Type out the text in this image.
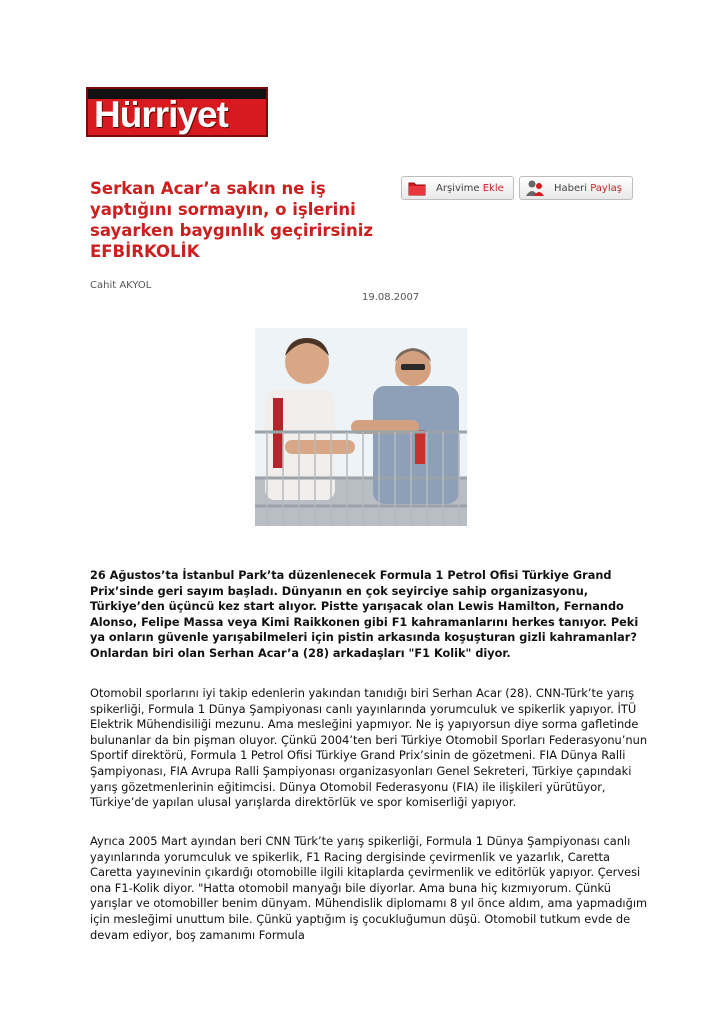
Hürriyet
Serkan Acar’a sakın ne iş yaptığını sormayın, o işlerini sayarken baygınlık geçirirsiniz EFBİRKOLİK
Arşivime Ekle	Haberi Paylaş
Cahit AKYOL
19.08.2007

26 Ağustos’ta İstanbul Park’ta düzenlenecek Formula 1 Petrol Ofisi Türkiye Grand Prix’sinde geri sayım başladı. Dünyanın en çok seyirciye sahip organizasyonu, Türkiye’den üçüncü kez start alıyor. Pistte yarışacak olan Lewis Hamilton, Fernando Alonso, Felipe Massa veya Kimi Raikkonen gibi F1 kahramanlarını herkes tanıyor. Peki ya onların güvenle yarışabilmeleri için pistin arkasında koşuşturan gizli kahramanlar? Onlardan biri olan Serhan Acar’a (28) arkadaşları "F1 Kolik" diyor.

Otomobil sporlarını iyi takip edenlerin yakından tanıdığı biri Serhan Acar (28). CNN-Türk’te yarış spikerliği, Formula 1 Dünya Şampiyonası canlı yayınlarında yorumculuk ve spikerlik yapıyor. İTÜ Elektrik Mühendisiliği mezunu. Ama mesleğini yapmıyor. Ne iş yapıyorsun diye sorma gafletinde bulunanlar da bin pişman oluyor. Çünkü 2004’ten beri Türkiye Otomobil Sporları Federasyonu’nun Sportif direktörü, Formula 1 Petrol Ofisi Türkiye Grand Prix’sinin de gözetmeni. FIA Dünya Ralli Şampiyonası, FIA Avrupa Ralli Şampiyonası organizasyonları Genel Sekreteri, Türkiye çapındaki yarış gözetmenlerinin eğitimcisi. Dünya Otomobil Federasyonu (FIA) ile ilişkileri yürütüyor, Türkiye’de yapılan ulusal yarışlarda direktörlük ve spor komiserliği yapıyor.

Ayrıca 2005 Mart ayından beri CNN Türk’te yarış spikerliği, Formula 1 Dünya Şampiyonası canlı yayınlarında yorumculuk ve spikerlik, F1 Racing dergisinde çevirmenlik ve yazarlık, Caretta Caretta yayınevinin çıkardığı otomobille ilgili kitaplarda çevirmenlik ve editörlük yapıyor. Çervesi ona F1-Kolik diyor. "Hatta otomobil manyağı bile diyorlar. Ama buna hiç kızmıyorum. Çünkü yarışlar ve otomobiller benim dünyam. Mühendislik diplomamı 8 yıl önce aldım, ama yapmadığım için mesleğimi unuttum bile. Çünkü yaptığım iş çocukluğumun düşü. Otomobil tutkum evde de devam ediyor, boş zamanımı Formula
